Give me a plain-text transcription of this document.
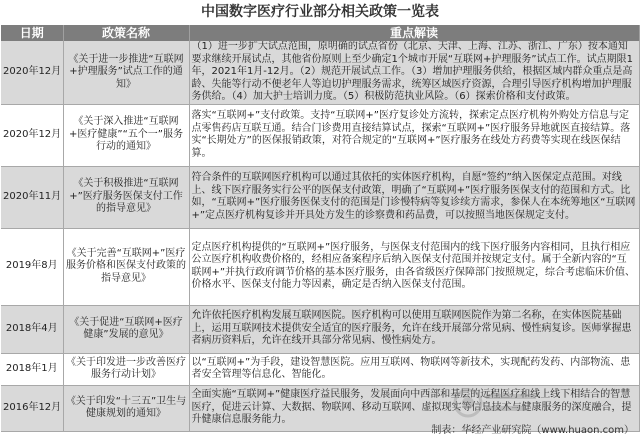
中国数字医疗行业部分相关政策一览表
日期	政策名称	重点解读
2020年12月	《关于进一步推进“互联网+护理服务”试点工作的通知》	（1）进一步扩大试点范围，原明确的试点省份（北京、天津、上海、江苏、浙江、广东）按本通知要求继续开展试点，其他省份原则上至少确定1个城市开展“互联网+护理服务”试点工作。试点期限1年，2021年1月-12月。（2）规范开展试点工作。（3）增加护理服务供给，根据区域内群众重点是高龄、失能等行动不便老年人等迫切护理服务需求，统筹区域医疗资源，合理引导医疗机构增加护理服务供给。（4）加大护士培训力度。（5）积极防范执业风险。（6）探索价格和支付政策。
2020年12月	《关于深入推进“互联网+医疗健康”“五个一”服务行动的通知》	落实“互联网+”支付政策。支持“互联网+”医疗复诊处方流转，探索定点医疗机构外购处方信息与定点零售药店互联互通。结合门诊费用直接结算试点，探索“互联网+”医疗服务异地就医直接结算。落实“长期处方”的医保报销政策，对符合规定的“互联网+”医疗服务在线处方药费等实现在线医保结算。
2020年11月	《关于积极推进“互联网+”医疗服务医保支付工作的指导意见》	符合条件的互联网医疗机构可以通过其依托的实体医疗机构，自愿“签约”纳入医保定点范围。对线上、线下医疗服务实行公平的医保支付政策，明确了“互联网+”医疗服务医保支付的范围和方式。比如，“互联网+”医疗服务医保支付的范围是门诊慢特病等复诊续方需求，参保人在本统筹地区“互联网+”定点医疗机构复诊并开具处方发生的诊察费和药品费，可以按照当地医保规定支付。
2019年8月	《关于完善“互联网+”医疗服务价格和医保支付政策的指导意见》	定点医疗机构提供的“互联网+”医疗服务，与医保支付范围内的线下医疗服务内容相同，且执行相应公立医疗机构收费价格的，经相应备案程序后纳入医保支付范围并按规定支付。属于全新内容的“互联网+”并执行政府调节价格的基本医疗服务，由各省级医疗保障部门按照规定，综合考虑临床价值、价格水平、医保支付能力等因素，确定是否纳入医保支付范围。
2018年4月	《关于促进“互联网+医疗健康”发展的意见》	允许依托医疗机构发展互联网医院。医疗机构可以使用互联网医院作为第二名称，在实体医院基础上，运用互联网技术提供安全适宜的医疗服务，允许在线开展部分常见病、慢性病复诊。医师掌握患者病历资料后，允许在线开具部分常见病、慢性病处方。
2018年1月	《关于印发进一步改善医疗服务行动计划》	以“互联网+”为手段，建设智慧医院。应用互联网、物联网等新技术，实现配药发药、内部物流、患者安全管理等信息化、智能化。
2016年12月	《关于印发“十三五”卫生与健康规划的通知》	全面实施“互联网+”健康医疗益民服务，发展面向中西部和基层的远程医疗和线上线下相结合的智慧医疗，促进云计算、大数据、物联网、移动互联网、虚拟现实等信息技术与健康服务的深度融合，提升健康信息服务能力。
制表：华经产业研究院（www.huaon.com）
